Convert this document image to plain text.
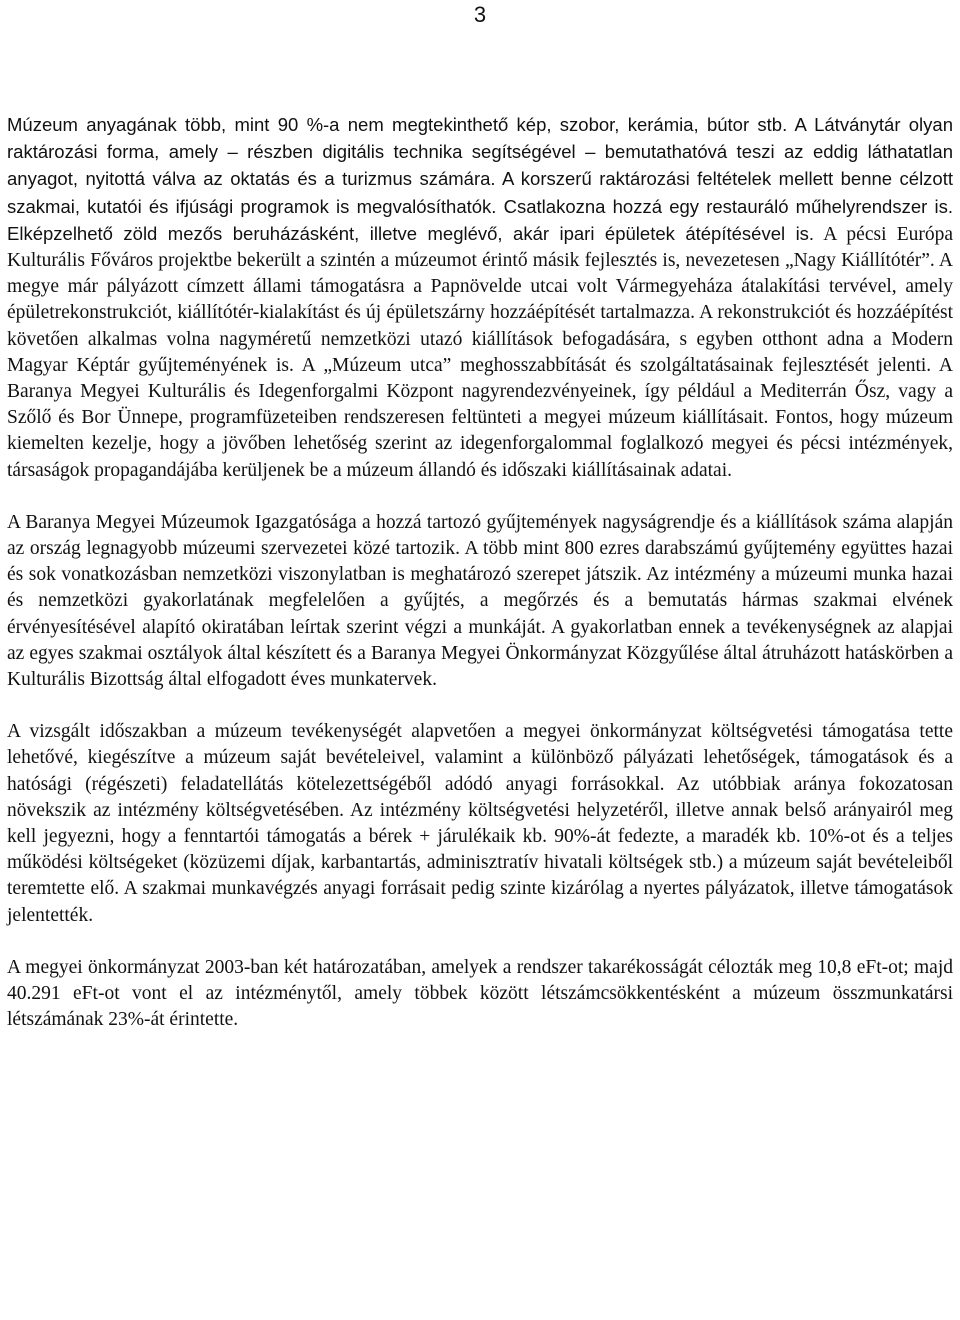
3

Múzeum anyagának több, mint 90 %-a nem megtekinthető kép, szobor, kerámia, bútor stb. A Látványtár olyan raktározási forma, amely – részben digitális technika segítségével – bemutathatóvá teszi az eddig láthatatlan anyagot, nyitottá válva az oktatás és a turizmus számára. A korszerű raktározási feltételek mellett benne célzott szakmai, kutatói és ifjúsági programok is megvalósíthatók. Csatlakozna hozzá egy restauráló műhelyrendszer is. Elképzelhető zöld mezős beruházásként, illetve meglévő, akár ipari épületek átépítésével is. A pécsi Európa Kulturális Főváros projektbe bekerült a szintén a múzeumot érintő másik fejlesztés is, nevezetesen „Nagy Kiállítótér”. A megye már pályázott címzett állami támogatásra a Papnövelde utcai volt Vármegyeháza átalakítási tervével, amely épületrekonstrukciót, kiállítótér-kialakítást és új épületszárny hozzáépítését tartalmazza. A rekonstrukciót és hozzáépítést követően alkalmas volna nagyméretű nemzetközi utazó kiállítások befogadására, s egyben otthont adna a Modern Magyar Képtár gyűjteményének is. A „Múzeum utca” meghosszabbítását és szolgáltatásainak fejlesztését jelenti. A Baranya Megyei Kulturális és Idegenforgalmi Központ nagyrendezvényeinek, így például a Mediterrán Ősz, vagy a Szőlő és Bor Ünnepe, programfüzeteiben rendszeresen feltünteti a megyei múzeum kiállításait. Fontos, hogy múzeum kiemelten kezelje, hogy a jövőben lehetőség szerint az idegenforgalommal foglalkozó megyei és pécsi intézmények, társaságok propagandájába kerüljenek be a múzeum állandó és időszaki kiállításainak adatai.

A Baranya Megyei Múzeumok Igazgatósága a hozzá tartozó gyűjtemények nagyságrendje és a kiállítások száma alapján az ország legnagyobb múzeumi szervezetei közé tartozik. A több mint 800 ezres darabszámú gyűjtemény együttes hazai és sok vonatkozásban nemzetközi viszonylatban is meghatározó szerepet játszik. Az intézmény a múzeumi munka hazai és nemzetközi gyakorlatának megfelelően a gyűjtés, a megőrzés és a bemutatás hármas szakmai elvének érvényesítésével alapító okiratában leírtak szerint végzi a munkáját. A gyakorlatban ennek a tevékenységnek az alapjai az egyes szakmai osztályok által készített és a Baranya Megyei Önkormányzat Közgyűlése által átruházott hatáskörben a Kulturális Bizottság által elfogadott éves munkatervek.

A vizsgált időszakban a múzeum tevékenységét alapvetően a megyei önkormányzat költségvetési támogatása tette lehetővé, kiegészítve a múzeum saját bevételeivel, valamint a különböző pályázati lehetőségek, támogatások és a hatósági (régészeti) feladatellátás kötelezettségéből adódó anyagi forrásokkal. Az utóbbiak aránya fokozatosan növekszik az intézmény költségvetésében. Az intézmény költségvetési helyzetéről, illetve annak belső arányairól meg kell jegyezni, hogy a fenntartói támogatás a bérek + járulékaik kb. 90%-át fedezte, a maradék kb. 10%-ot és a teljes működési költségeket (közüzemi díjak, karbantartás, adminisztratív hivatali költségek stb.) a múzeum saját bevételeiből teremtette elő. A szakmai munkavégzés anyagi forrásait pedig szinte kizárólag a nyertes pályázatok, illetve támogatások jelentették.

A megyei önkormányzat 2003-ban két határozatában, amelyek a rendszer takarékosságát célozták meg 10,8 eFt-ot; majd 40.291 eFt-ot vont el az intézménytől, amely többek között létszámcsökkentésként a múzeum összmunkatársi létszámának 23%-át érintette.
